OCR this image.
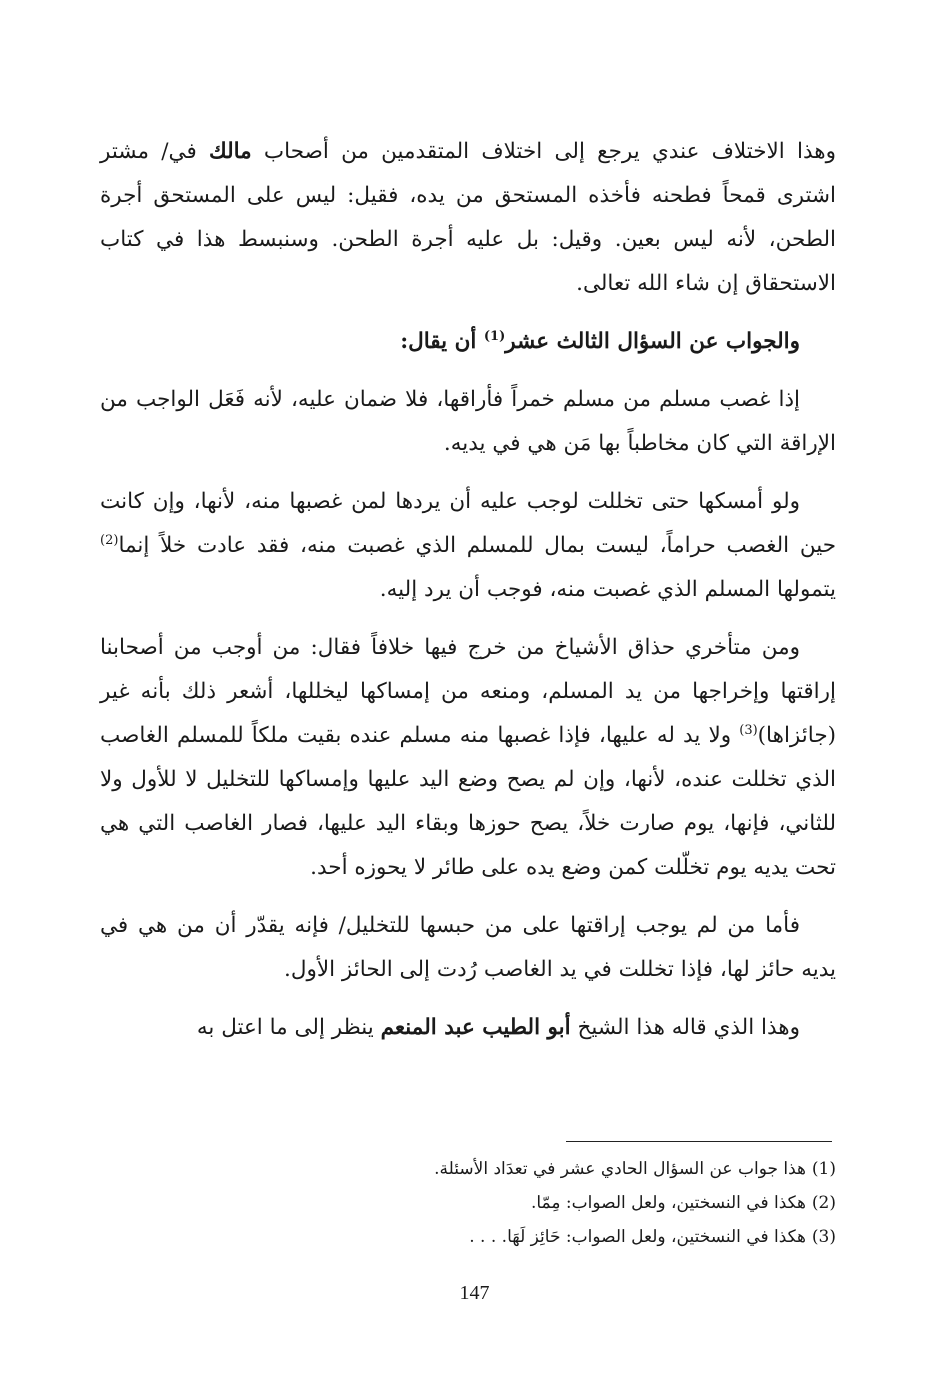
وهذا الاختلاف عندي يرجع إلى اختلاف المتقدمين من أصحاب مالك في/ مشتر اشترى قمحاً فطحنه فأخذه المستحق من يده، فقيل: ليس على المستحق أجرة الطحن، لأنه ليس بعين. وقيل: بل عليه أجرة الطحن. وسنبسط هذا في كتاب الاستحقاق إن شاء الله تعالى.

والجواب عن السؤال الثالث عشر$^{(1)}$ أن يقال:

إذا غصب مسلم من مسلم خمراً فأراقها، فلا ضمان عليه، لأنه فَعَل الواجب من الإراقة التي كان مخاطباً بها مَن هي في يديه.

ولو أمسكها حتى تخللت لوجب عليه أن يردها لمن غصبها منه، لأنها، وإن كانت حين الغصب حراماً، ليست بمال للمسلم الذي غصبت منه، فقد عادت خلاً إنما$^{(2)}$ يتمولها المسلم الذي غصبت منه، فوجب أن يرد إليه.

ومن متأخري حذاق الأشياخ من خرج فيها خلافاً فقال: من أوجب من أصحابنا إراقتها وإخراجها من يد المسلم، ومنعه من إمساكها ليخللها، أشعر ذلك بأنه غير (جائزاها)$^{(3)}$ ولا يد له عليها، فإذا غصبها منه مسلم عنده بقيت ملكاً للمسلم الغاصب الذي تخللت عنده، لأنها، وإن لم يصح وضع اليد عليها وإمساكها للتخليل لا للأول ولا للثاني، فإنها، يوم صارت خلاً، يصح حوزها وبقاء اليد عليها، فصار الغاصب التي هي تحت يديه يوم تخلّلت كمن وضع يده على طائر لا يحوزه أحد.

فأما من لم يوجب إراقتها على من حبسها للتخليل/ فإنه يقدّر أن من هي في يديه حائز لها، فإذا تخللت في يد الغاصب رُدت إلى الحائز الأول.

وهذا الذي قاله هذا الشيخ أبو الطيب عبد المنعم ينظر إلى ما اعتل به

(1)هذا جواب عن السؤال الحادي عشر في تعدَاد الأسئلة.
(2)هكذا في النسختين، ولعل الصواب: مِمّا.
(3)هكذا في النسختين، ولعل الصواب: حَائِز لَهَا. . . .
147
